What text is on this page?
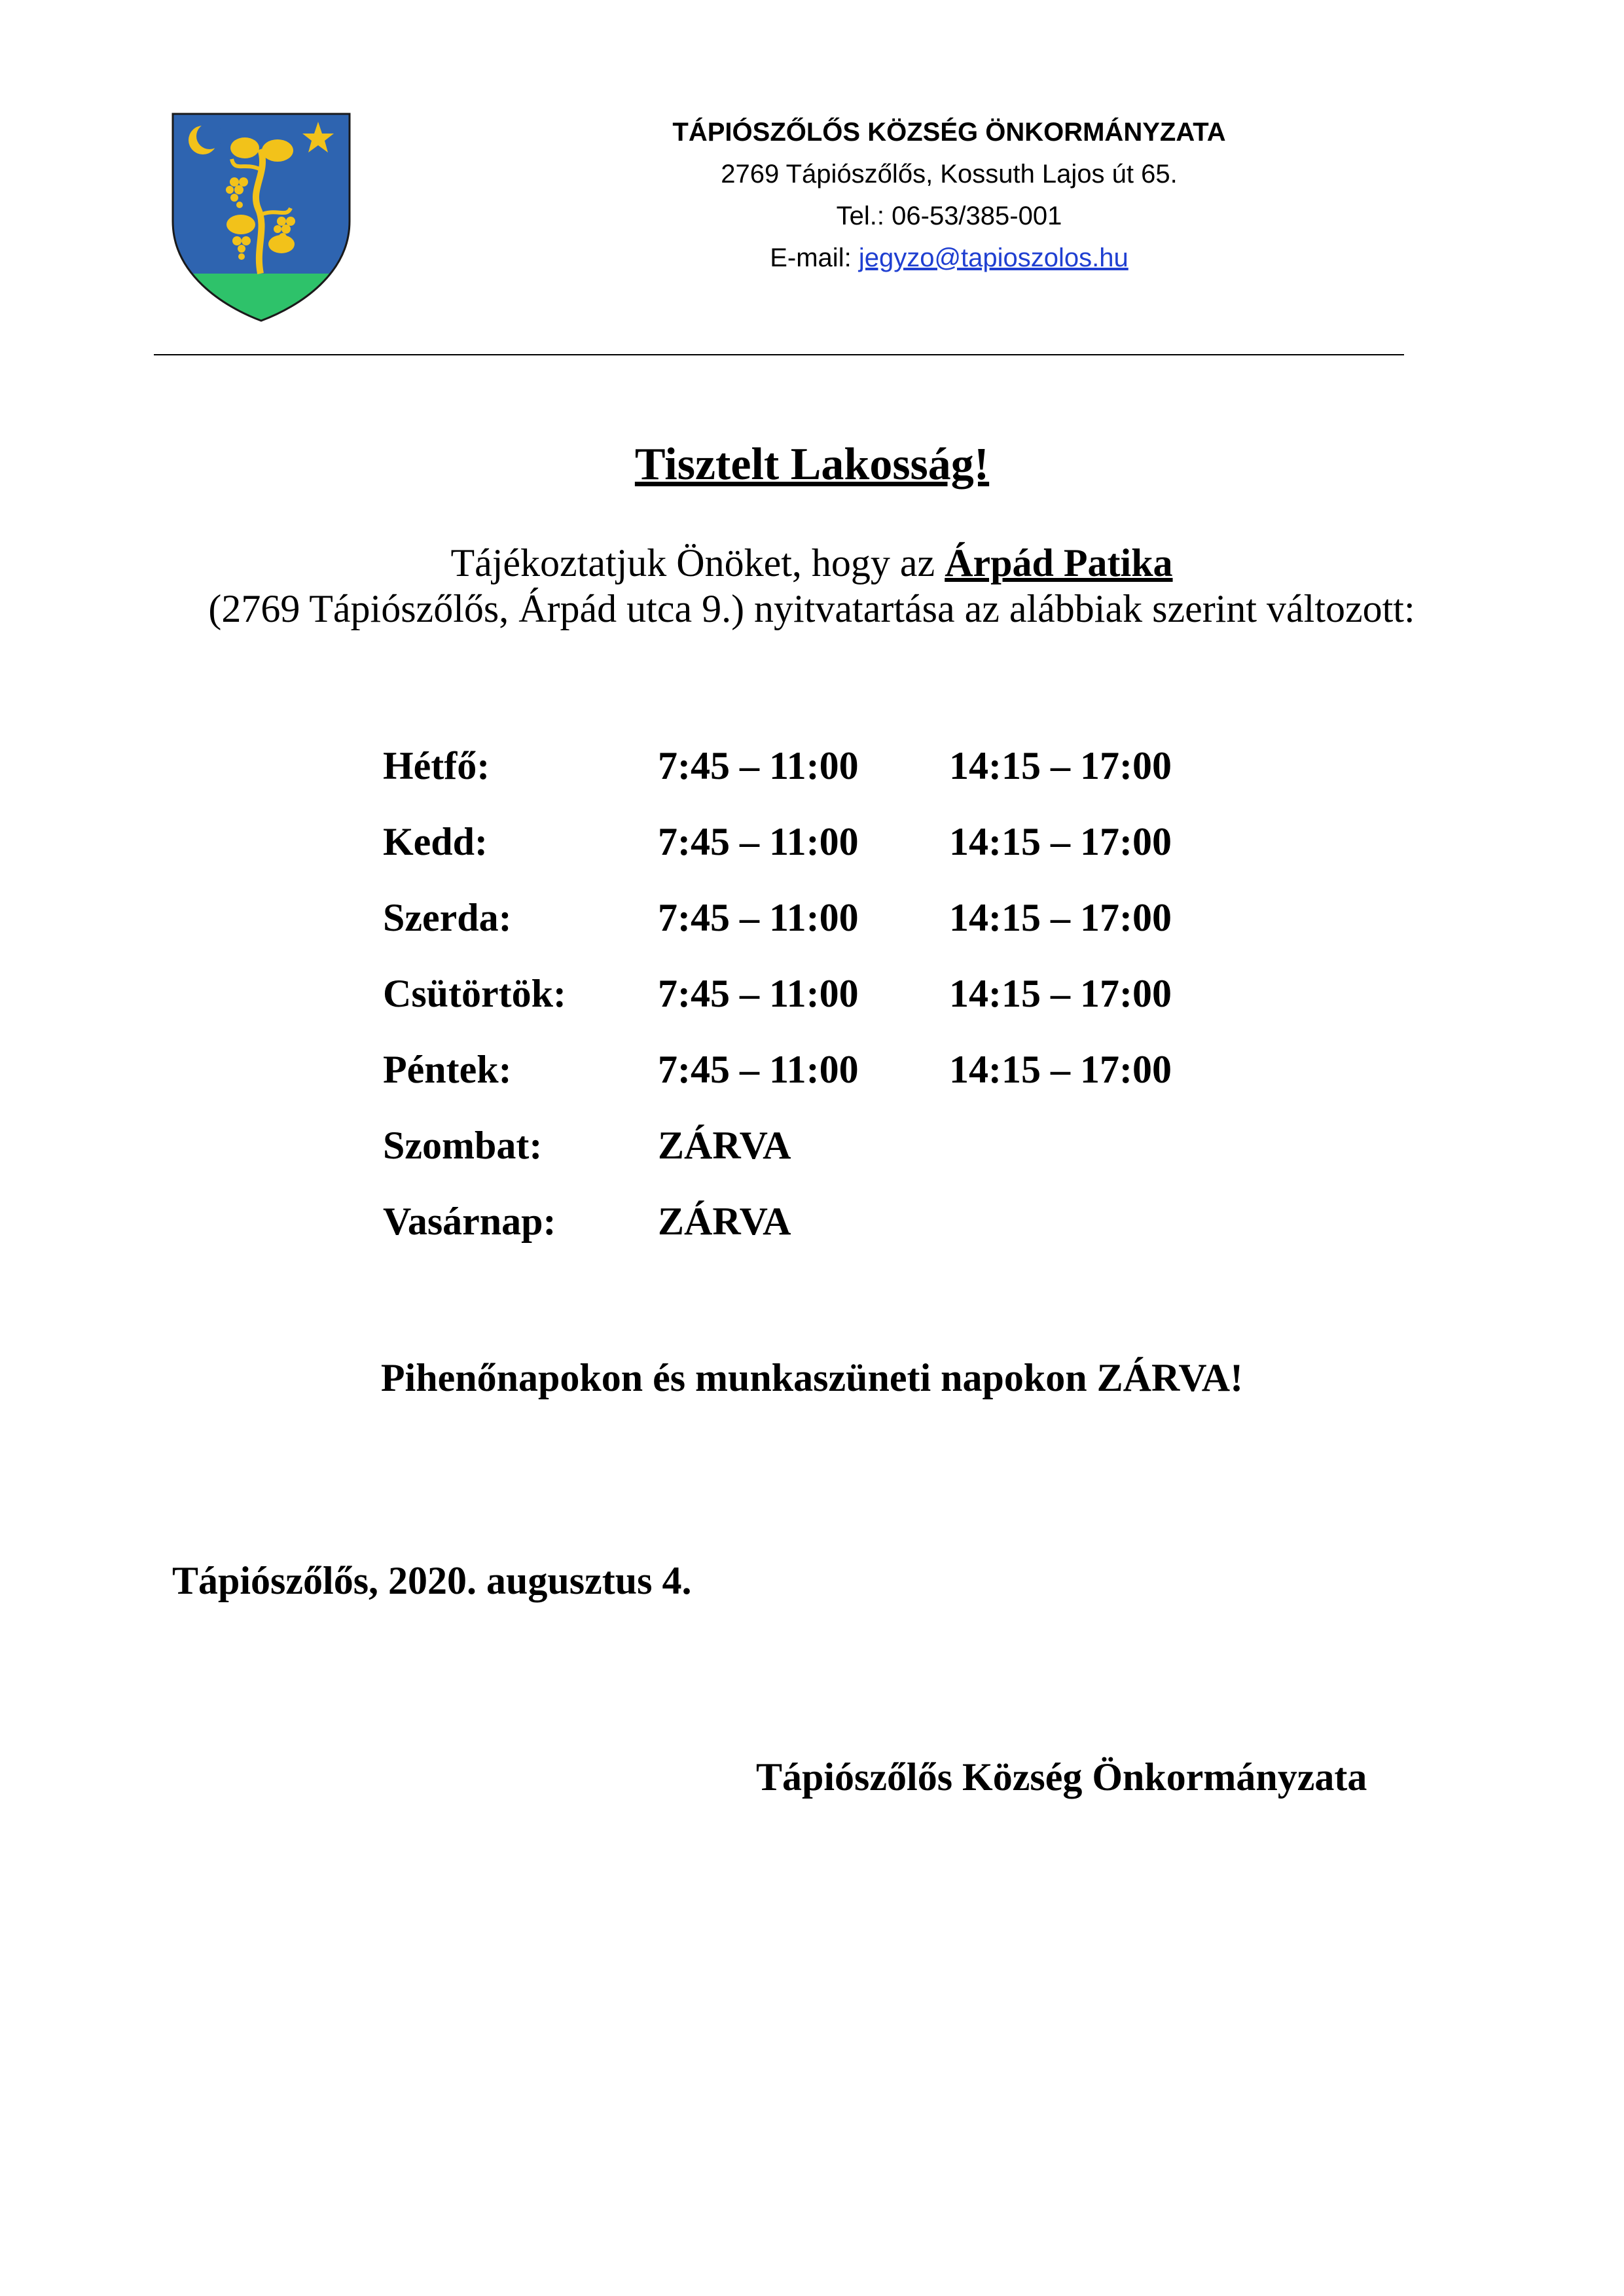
TÁPIÓSZŐLŐS KÖZSÉG ÖNKORMÁNYZATA
2769 Tápiószőlős, Kossuth Lajos út 65.
Tel.: 06-53/385-001
E-mail: jegyzo@tapioszolos.hu
Tisztelt Lakosság!
Tájékoztatjuk Önöket, hogy az Árpád Patika
(2769 Tápiószőlős, Árpád utca 9.) nyitvatartása az alábbiak szerint változott:
Hétfő:	7:45 – 11:00 14:15 – 17:00
Kedd:	7:45 – 11:00 14:15 – 17:00
Szerda:	7:45 – 11:00 14:15 – 17:00
Csütörtök: 7:45 – 11:00 14:15 – 17:00
Péntek:	7:45 – 11:00 14:15 – 17:00
Szombat:	ZÁRVA
Vasárnap:	ZÁRVA
Pihenőnapokon és munkaszüneti napokon ZÁRVA!
Tápiószőlős, 2020. augusztus 4.
Tápiószőlős Község Önkormányzata
